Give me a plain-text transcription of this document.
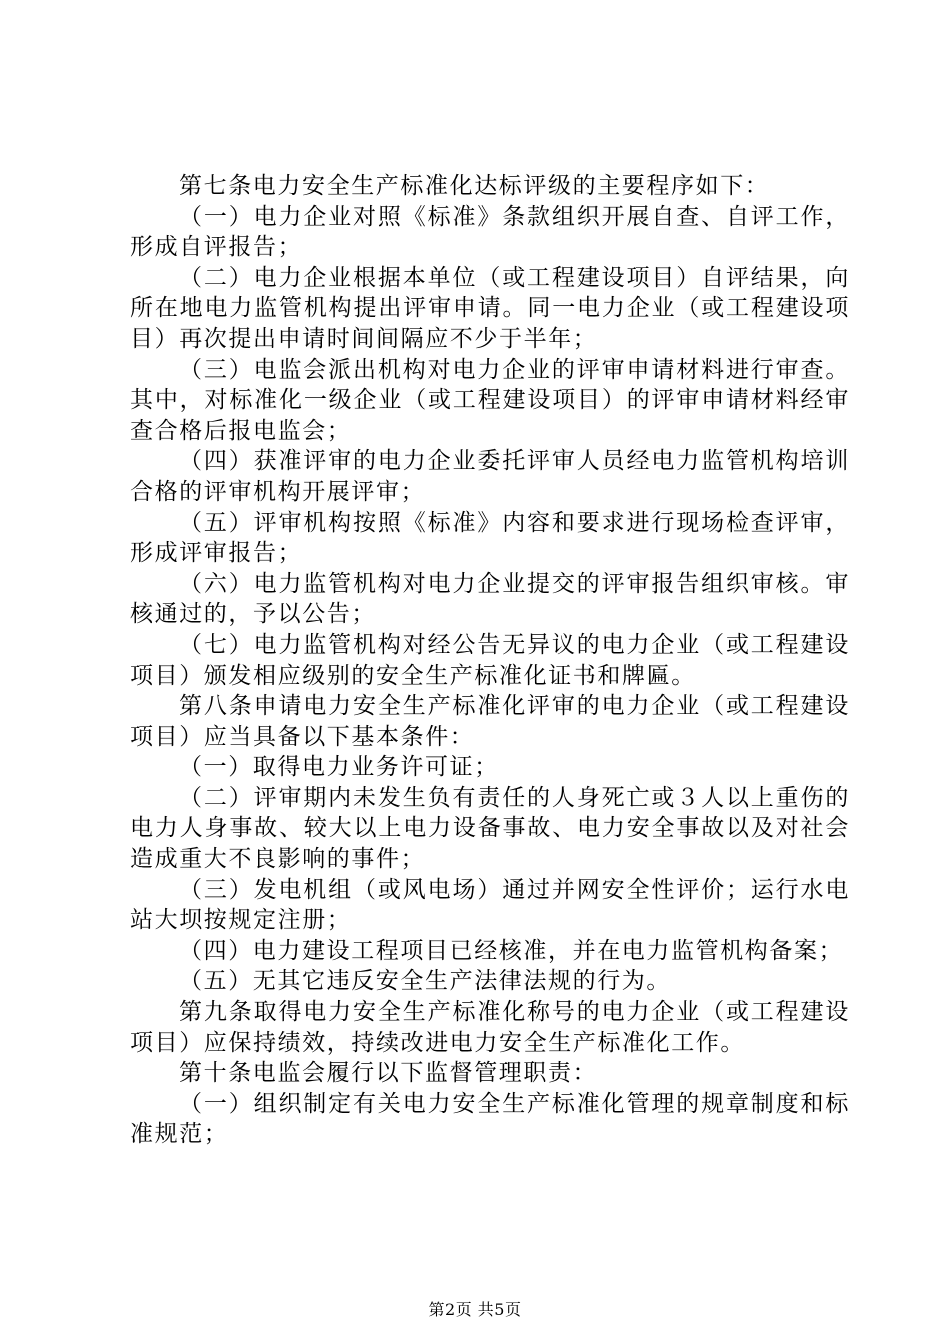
第七条电力安全生产标准化达标评级的主要程序如下：

（一）电力企业对照《标准》条款组织开展自查、自评工作，形成自评报告；

（二）电力企业根据本单位（或工程建设项目）自评结果，向所在地电力监管机构提出评审申请。同一电力企业（或工程建设项目）再次提出申请时间间隔应不少于半年；

（三）电监会派出机构对电力企业的评审申请材料进行审查。其中，对标准化一级企业（或工程建设项目）的评审申请材料经审查合格后报电监会；

（四）获准评审的电力企业委托评审人员经电力监管机构培训合格的评审机构开展评审；

（五）评审机构按照《标准》内容和要求进行现场检查评审，形成评审报告；

（六）电力监管机构对电力企业提交的评审报告组织审核。审核通过的，予以公告；

（七）电力监管机构对经公告无异议的电力企业（或工程建设项目）颁发相应级别的安全生产标准化证书和牌匾。

第八条申请电力安全生产标准化评审的电力企业（或工程建设项目）应当具备以下基本条件：

（一）取得电力业务许可证；

（二）评审期内未发生负有责任的人身死亡或３人以上重伤的电力人身事故、较大以上电力设备事故、电力安全事故以及对社会造成重大不良影响的事件；

（三）发电机组（或风电场）通过并网安全性评价；运行水电站大坝按规定注册；

（四）电力建设工程项目已经核准，并在电力监管机构备案；

（五）无其它违反安全生产法律法规的行为。

第九条取得电力安全生产标准化称号的电力企业（或工程建设项目）应保持绩效，持续改进电力安全生产标准化工作。

第十条电监会履行以下监督管理职责：

（一）组织制定有关电力安全生产标准化管理的规章制度和标准规范；

第2页 共5页
